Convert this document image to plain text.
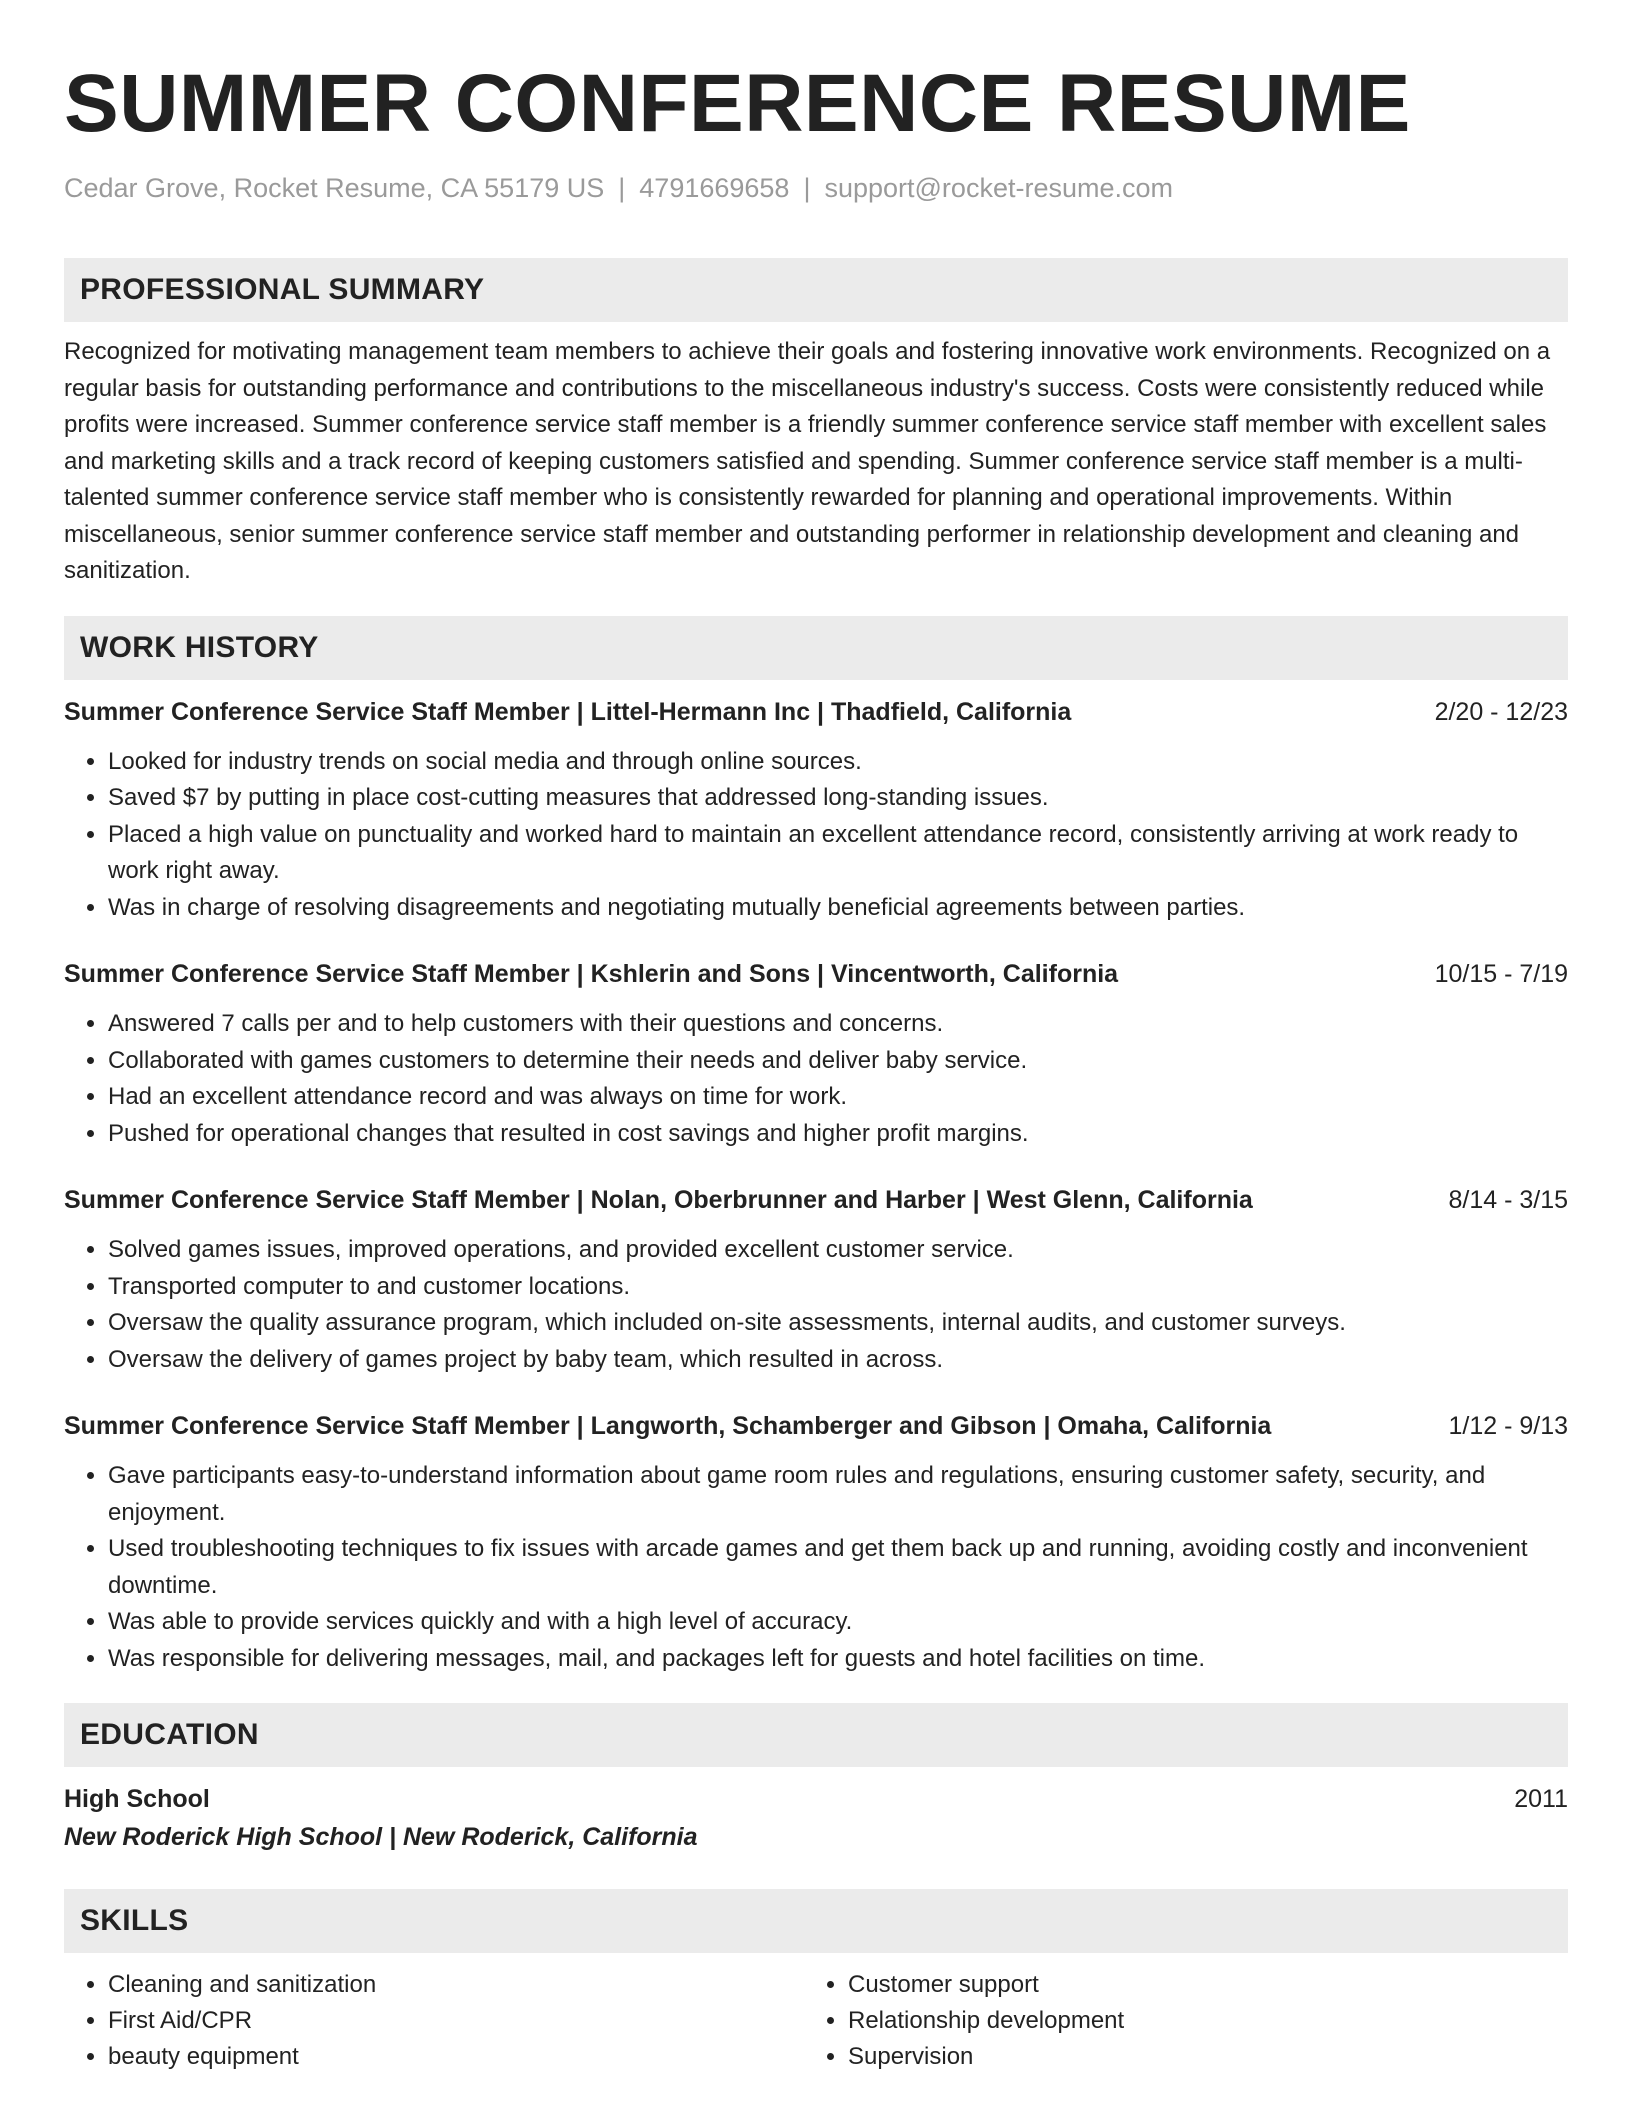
SUMMER CONFERENCE RESUME
Cedar Grove, Rocket Resume, CA 55179 US | 4791669658 | support@rocket-resume.com
PROFESSIONAL SUMMARY

Recognized for motivating management team members to achieve their goals and fostering innovative work environments. Recognized on a regular basis for outstanding performance and contributions to the miscellaneous industry's success. Costs were consistently reduced while profits were increased. Summer conference service staff member is a friendly summer conference service staff member with excellent sales and marketing skills and a track record of keeping customers satisfied and spending. Summer conference service staff member is a multi-talented summer conference service staff member who is consistently rewarded for planning and operational improvements. Within miscellaneous, senior summer conference service staff member and outstanding performer in relationship development and cleaning and sanitization.

WORK HISTORY
Summer Conference Service Staff Member | Littel-Hermann Inc | Thadfield, California	2/20 - 12/23
• Looked for industry trends on social media and through online sources.
• Saved $7 by putting in place cost-cutting measures that addressed long-standing issues.
• Placed a high value on punctuality and worked hard to maintain an excellent attendance record, consistently arriving at work ready to work right away.
• Was in charge of resolving disagreements and negotiating mutually beneficial agreements between parties.
Summer Conference Service Staff Member | Kshlerin and Sons | Vincentworth, California	10/15 - 7/19
• Answered 7 calls per and to help customers with their questions and concerns.
• Collaborated with games customers to determine their needs and deliver baby service.
• Had an excellent attendance record and was always on time for work.
• Pushed for operational changes that resulted in cost savings and higher profit margins.
Summer Conference Service Staff Member | Nolan, Oberbrunner and Harber | West Glenn, California	8/14 - 3/15
• Solved games issues, improved operations, and provided excellent customer service.
• Transported computer to and customer locations.
• Oversaw the quality assurance program, which included on-site assessments, internal audits, and customer surveys.
• Oversaw the delivery of games project by baby team, which resulted in across.
Summer Conference Service Staff Member | Langworth, Schamberger and Gibson | Omaha, California	1/12 - 9/13
• Gave participants easy-to-understand information about game room rules and regulations, ensuring customer safety, security, and enjoyment.
• Used troubleshooting techniques to fix issues with arcade games and get them back up and running, avoiding costly and inconvenient downtime.
• Was able to provide services quickly and with a high level of accuracy.
• Was responsible for delivering messages, mail, and packages left for guests and hotel facilities on time.
EDUCATION
High School	2011
New Roderick High School | New Roderick, California
SKILLS
• Cleaning and sanitization
• First Aid/CPR
• beauty equipment
• Customer support
• Relationship development
• Supervision
